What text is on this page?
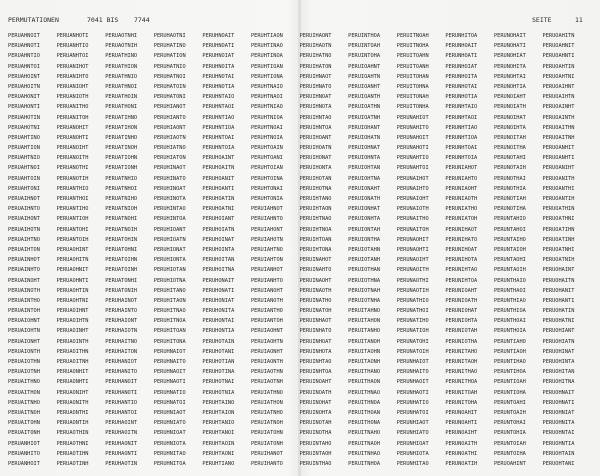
PERMUTATIONEN

	7041 BIS    7744

	SEITE

	11

PERUAHNOIT	PERUANHOTI	PERUAOTNHI	PERUHAOTNI	PERUHNOAIT	PERUHTIAON	PERUIHAONT	PERUINTHOA	PERUITNOAH	PERUNHITOA	PERUNOHAIT	PERUOAHITN
PERUAHNOTI	PERUANHTIO	PERUAOTNIH	PERUHATINO	PERUHNOATI	PERUHTINAO	PERUIHAOTN	PERUINTOAH	PERUITNOHA	PERUNHOAIT	PERUNOHATI	PERUOAHNIT
PERUAHNTIO	PERUANHTOI	PERUATHINO	PERUHATION	PERUHNOIAT	PERUHTINOA	PERUIHATNO	PERUINTOHA	PERUITOAHN	PERUNHOATI	PERUNOHIAT	PERUOAHNTI
PERUAHNTOI	PERUANIHOT	PERUATHION	PERUHATNIO	PERUHNOITA	PERUHTIOAN	PERUIHATON	PERUIOAHNT	PERUITOANH	PERUNHOIAT	PERUNOHITA	PERUOAHTIN
PERUAHOINT	PERUANIHTO	PERUATHNIO	PERUHATNOI	PERUHNOTAI	PERUHTIONA	PERUIHNAOT	PERUIOAHTN	PERUITOHAN	PERUNHOITA	PERUNOHTAI	PERUOAHTNI
PERUAHOITN	PERUANIOHT	PERUATHNOI	PERUHATOIN	PERUHNOTIA	PERUHTNAIO	PERUIHNATO	PERUIOANHT	PERUITOHNA	PERUNHOTAI	PERUNOHTIA	PERUOAIHNT
PERUAHONIT	PERUANIOTH	PERUATHOIN	PERUHATONI	PERUHNTAIO	PERUHTNAOI	PERUIHNOAT	PERUIOANTH	PERUITONAH	PERUNHOTIA	PERUNOIAHT	PERUOAIHTN
PERUAHONTI	PERUANITHO	PERUATHONI	PERUHIANOT	PERUHNTAOI	PERUHTNIAO	PERUIHNOTA	PERUIOATHN	PERUITONHA	PERUNHTAIO	PERUNOIATH	PERUOAINHT
PERUAHOTIN	PERUANITOH	PERUATIHNO	PERUHIANTO	PERUHNTIAO	PERUHTNIOA	PERUIHNTAO	PERUIOATNH	PERUNAHIOT	PERUNHTAOI	PERUNOIHAT	PERUOAINTH
PERUAHOTNI	PERUANOHIT	PERUATIHON	PERUHIAONT	PERUHNTIOA	PERUHTNOAI	PERUIHNTOA	PERUIOHANT	PERUNAHITO	PERUNHTIAO	PERUNOIHTA	PERUOAITHN
PERUAHTINO	PERUANOHTI	PERUATINHO	PERUHIAOTN	PERUHNTOAI	PERUHTNOIA	PERUIHOANT	PERUIOHATN	PERUNAHOIT	PERUNHTIOA	PERUNOITAH	PERUOAITNH
PERUAHTION	PERUANOIHT	PERUATINOH	PERUHIATNO	PERUHNTOIA	PERUHTOAIN	PERUIHOATN	PERUIOHNAT	PERUNAHOTI	PERUNHTOAI	PERUNOITHA	PERUOANHIT
PERUAHTNIO	PERUANOITH	PERUATIOHN	PERUHIATON	PERUHOAINT	PERUHTOANI	PERUIHONAT	PERUIOHNTA	PERUNAHTIO	PERUNHTOIA	PERUNOTAHI	PERUOANHTI
PERUAHTNOI	PERUANOTHI	PERUATIONH	PERUHINAOT	PERUHOAITN	PERUHTOIAN	PERUIHONTA	PERUIOHTAN	PERUNAHTOI	PERUNIAHOT	PERUNOTAIH	PERUOANIHT
PERUAHTOIN	PERUANOTIH	PERUATNHIO	PERUHINATO	PERUHOANIT	PERUHTOINA	PERUIHOTAN	PERUIOHTNA	PERUNAIHOT	PERUNIAHTO	PERUNOTHAI	PERUOANITH
PERUAHTONI	PERUANTHIO	PERUATNHOI	PERUHINOAT	PERUHOANTI	PERUHTONAI	PERUIHOTNA	PERUIONAHT	PERUNAIHTO	PERUNIAOHT	PERUNOTHIA	PERUOANTHI
PERUAIHNOT	PERUANTHOI	PERUATNIHO	PERUHINOTA	PERUHOATIN	PERUHTONIA	PERUIHTANO	PERUIONATH	PERUNAIOHT	PERUNIAOTH	PERUNOTIAH	PERUOANTIH
PERUAIHNTO	PERUANTIHO	PERUATNIOH	PERUHINTAO	PERUHOATNI	PERUIAHNOT	PERUIHTAON	PERUIONHAT	PERUNAIOTH	PERUNIATHO	PERUNOTIHA	PERUOATHIN
PERUAIHONT	PERUANTIOH	PERUATNOHI	PERUHINTOA	PERUHOIANT	PERUIAHNTO	PERUIHTNAO	PERUIONHTA	PERUNAITHO	PERUNIATOH	PERUNTAHIO	PERUOATHNI
PERUAIHOTN	PERUANTOHI	PERUATNOIH	PERUHIOANT	PERUHOIATN	PERUIAHONT	PERUIHTNOA	PERUIONTAH	PERUNAITOH	PERUNIHAOT	PERUNTAHOI	PERUOATIHN
PERUAIHTNO	PERUANTOIH	PERUATOHIN	PERUHIOATN	PERUHOINAT	PERUIAHOTN	PERUIHTOAN	PERUIONTHA	PERUNAOHIT	PERUNIHATO	PERUNTAIHO	PERUOATINH
PERUAIHTON	PERUAOHINT	PERUATOHNI	PERUHIONAT	PERUHOINTA	PERUIAHTNO	PERUIHTONA	PERUIOTAHN	PERUNAOHTI	PERUNIHOAT	PERUNTAIOH	PERUOATNHI
PERUAINHOT	PERUAOHITN	PERUATOIHN	PERUHIONTA	PERUHOITAN	PERUIAHTON	PERUINAHOT	PERUIOTANH	PERUNAOIHT	PERUNIHOTA	PERUNTAOHI	PERUOATNIH
PERUAINHTO	PERUAOHNIT	PERUATOINH	PERUHIOTAN	PERUHOITNA	PERUIANHOT	PERUINAHTO	PERUIOTHAN	PERUNAOITH	PERUNIHTAO	PERUNTAOIH	PERUOHAINT
PERUAINOHT	PERUAOHNTI	PERUATONHI	PERUHIOTNA	PERUHONAIT	PERUIANHTO	PERUINAOHT	PERUIOTHNA	PERUNAOTHI	PERUNIHTOA	PERUNTHAIO	PERUOHAITN
PERUAINOTH	PERUAOHTIN	PERUATONIH	PERUHITANO	PERUHONATI	PERUIANOHT	PERUINAOTH	PERUIOTNAH	PERUNAOTIH	PERUNIOAHT	PERUNTHAOI	PERUOHANIT
PERUAINTHO	PERUAOHTNI	PERUHAINOT	PERUHITAON	PERUHONIAT	PERUIANOTH	PERUINATHO	PERUIOTNHA	PERUNATHIO	PERUNIOATH	PERUNTHIAO	PERUOHANTI
PERUAINTOH	PERUAOIHNT	PERUHAINTO	PERUHITNAO	PERUHONITA	PERUIANTHO	PERUINATOH	PERUITAHNO	PERUNATHOI	PERUNIOHAT	PERUNTHIOA	PERUOHATIN
PERUAIOHNT	PERUAOIHTN	PERUHAIONT	PERUHITNOA	PERUHONTAI	PERUIANTOH	PERUINHAOT	PERUITAHON	PERUNATIHO	PERUNIOHTA	PERUNTHOAI	PERUOHATNI
PERUAIOHTN	PERUAOINHT	PERUHAIOTN	PERUHITOAN	PERUHONTIA	PERUIAOHNT	PERUINHATO	PERUITANHO	PERUNATIOH	PERUNIOTAH	PERUNTHOIA	PERUOHIANT
PERUAIONHT	PERUAOINTH	PERUHAITNO	PERUHITONA	PERUHOTAIN	PERUIAOHTN	PERUINHOAT	PERUITANOH	PERUNATOHI	PERUNIOTHA	PERUNTIAHO	PERUOHIATN
PERUAIONTH	PERUAOITHN	PERUHAITON	PERUHNAIOT	PERUHOTANI	PERUIAONHT	PERUINHOTA	PERUITAOHN	PERUNATOIH	PERUNITAHO	PERUNTIAOH	PERUOHINAT
PERUAIOTHN	PERUAOITNH	PERUHANIOT	PERUHNAITO	PERUHOTIAN	PERUIAONTH	PERUINHTAO	PERUITAONH	PERUNHAIOT	PERUNITAOH	PERUNTIHAO	PERUOHINTA
PERUAIOTNH	PERUAONHIT	PERUHANITO	PERUHNAOIT	PERUHOTINA	PERUIAOTHN	PERUINHTOA	PERUITHANO	PERUNHAITO	PERUNITHAO	PERUNTIHOA	PERUOHITAN
PERUAITHNO	PERUAONHTI	PERUHANOIT	PERUHNAOTI	PERUHOTNAI	PERUIAOTNH	PERUINOAHT	PERUITHAON	PERUNHAOIT	PERUNITHOA	PERUNTIOAH	PERUOHITNA
PERUAITHON	PERUAONIHT	PERUHANOTI	PERUHNATIO	PERUHOTNIA	PERUIATHNO	PERUINOATH	PERUITHNAO	PERUNHAOTI	PERUNITOAH	PERUNTIOHA	PERUOHNAIT
PERUAITNHO	PERUAONITH	PERUHANTIO	PERUHNATOI	PERUHTAINO	PERUIATHON	PERUINOHAT	PERUITHNOA	PERUNHATIO	PERUNITOHA	PERUNTOAHI	PERUOHNATI
PERUAITNOH	PERUAONTHI	PERUHANTOI	PERUHNIAOT	PERUHTAION	PERUIATNHO	PERUINOHTA	PERUITHOAN	PERUNHATOI	PERUNOAHIT	PERUNTOAIH	PERUOHNIAT
PERUAITOHN	PERUAONTIH	PERUHAOINT	PERUHNIATO	PERUHTANIO	PERUIATNOH	PERUINOTAH	PERUITHONA	PERUNHIAOT	PERUNOAHTI	PERUNTOHAI	PERUOHNITA
PERUAITONH	PERUAOTHIN	PERUHAOITN	PERUHNIOAT	PERUHTANOI	PERUIATOHN	PERUINOTHA	PERUITNAHO	PERUNHIATO	PERUNOAIHT	PERUNTOHIA	PERUOHNTAI
PERUANHIOT	PERUAOTHNI	PERUHAONIT	PERUHNIOTA	PERUHTAOIN	PERUIATONH	PERUINTAHO	PERUITNAOH	PERUNHIOAT	PERUNOAITH	PERUNTOIAH	PERUOHNTIA
PERUANHITO	PERUAOTIHN	PERUHAONTI	PERUHNITAO	PERUHTAONI	PERUIHANOT	PERUINTAOH	PERUITNHAO	PERUNHIOTA	PERUNOATHI	PERUNTOIHA	PERUOHTAIN
PERUANHOIT	PERUAOTINH	PERUHAOTIN	PERUHNITOA	PERUHTIANO	PERUIHANTO	PERUINTHAO	PERUITNHOA	PERUNHITAO	PERUNOATIH	PERUOAHINT	PERUOHTANI
